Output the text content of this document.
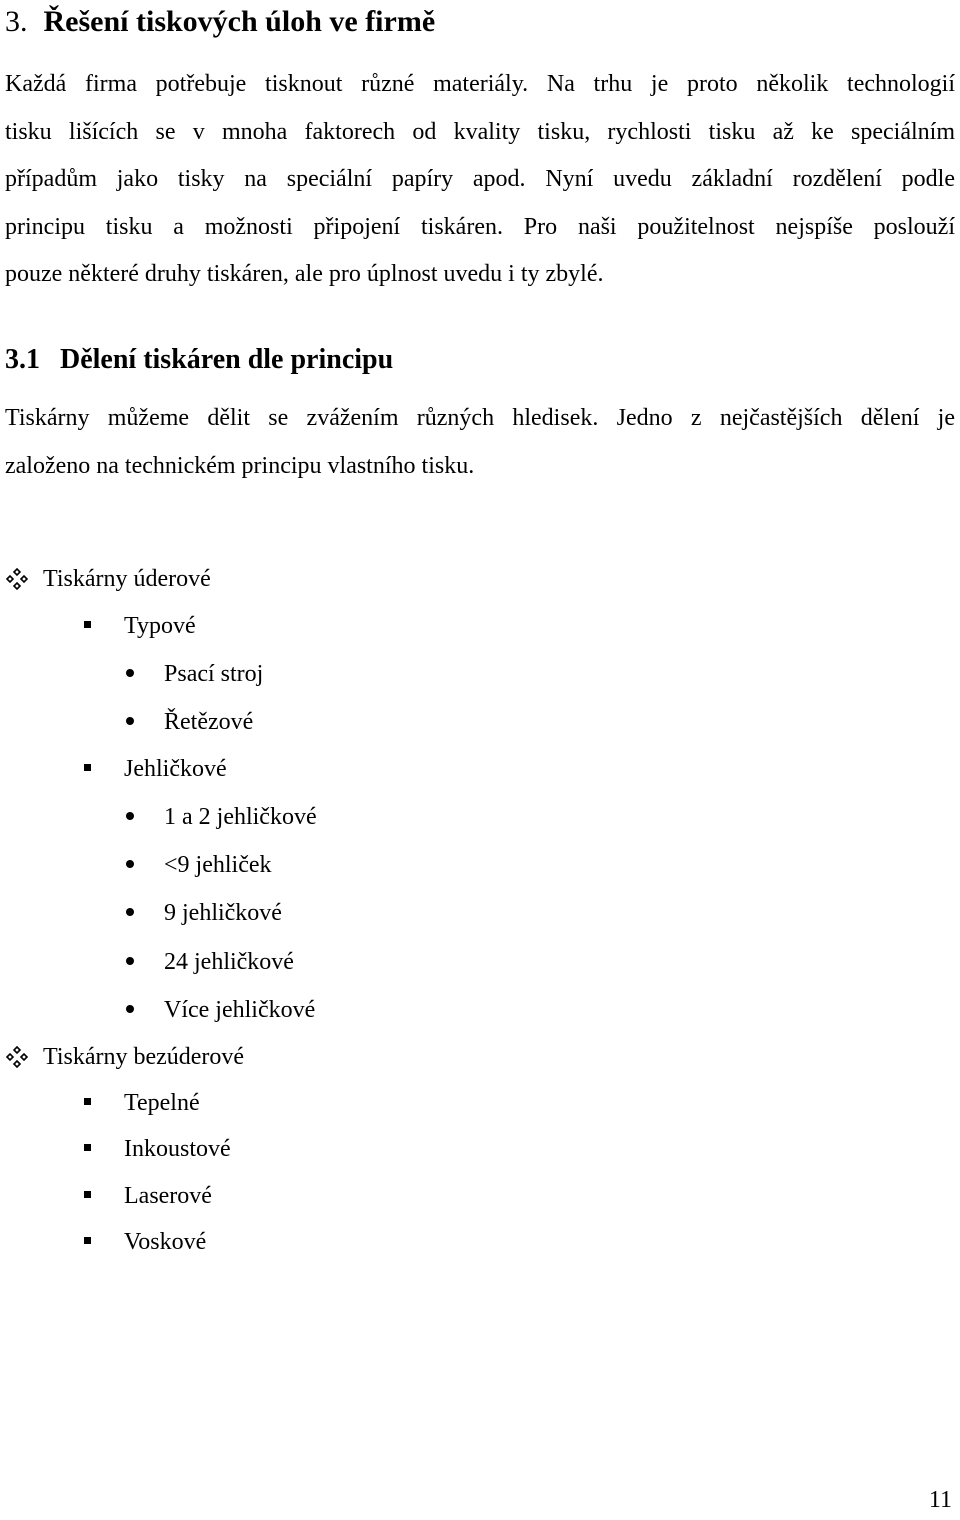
3. Řešení tiskových úloh ve firmě
Každá firma potřebuje tisknout různé materiály. Na trhu je proto několik technologií
tisku lišících se v mnoha faktorech od kvality tisku, rychlosti tisku až ke speciálním
případům jako tisky na speciální papíry apod. Nyní uvedu základní rozdělení podle
principu tisku a možnosti připojení tiskáren. Pro naši použitelnost nejspíše poslouží
pouze některé druhy tiskáren, ale pro úplnost uvedu i ty zbylé.
3.1 Dělení tiskáren dle principu
Tiskárny můžeme dělit se zvážením různých hledisek. Jedno z nejčastějších dělení je
založeno na technickém principu vlastního tisku.
Tiskárny úderové
Typové
Psací stroj
Řetězové
Jehličkové
1 a 2 jehličkové
<9 jehliček
9 jehličkové
24 jehličkové
Více jehličkové
Tiskárny bezúderové
Tepelné
Inkoustové
Laserové
Voskové
11
